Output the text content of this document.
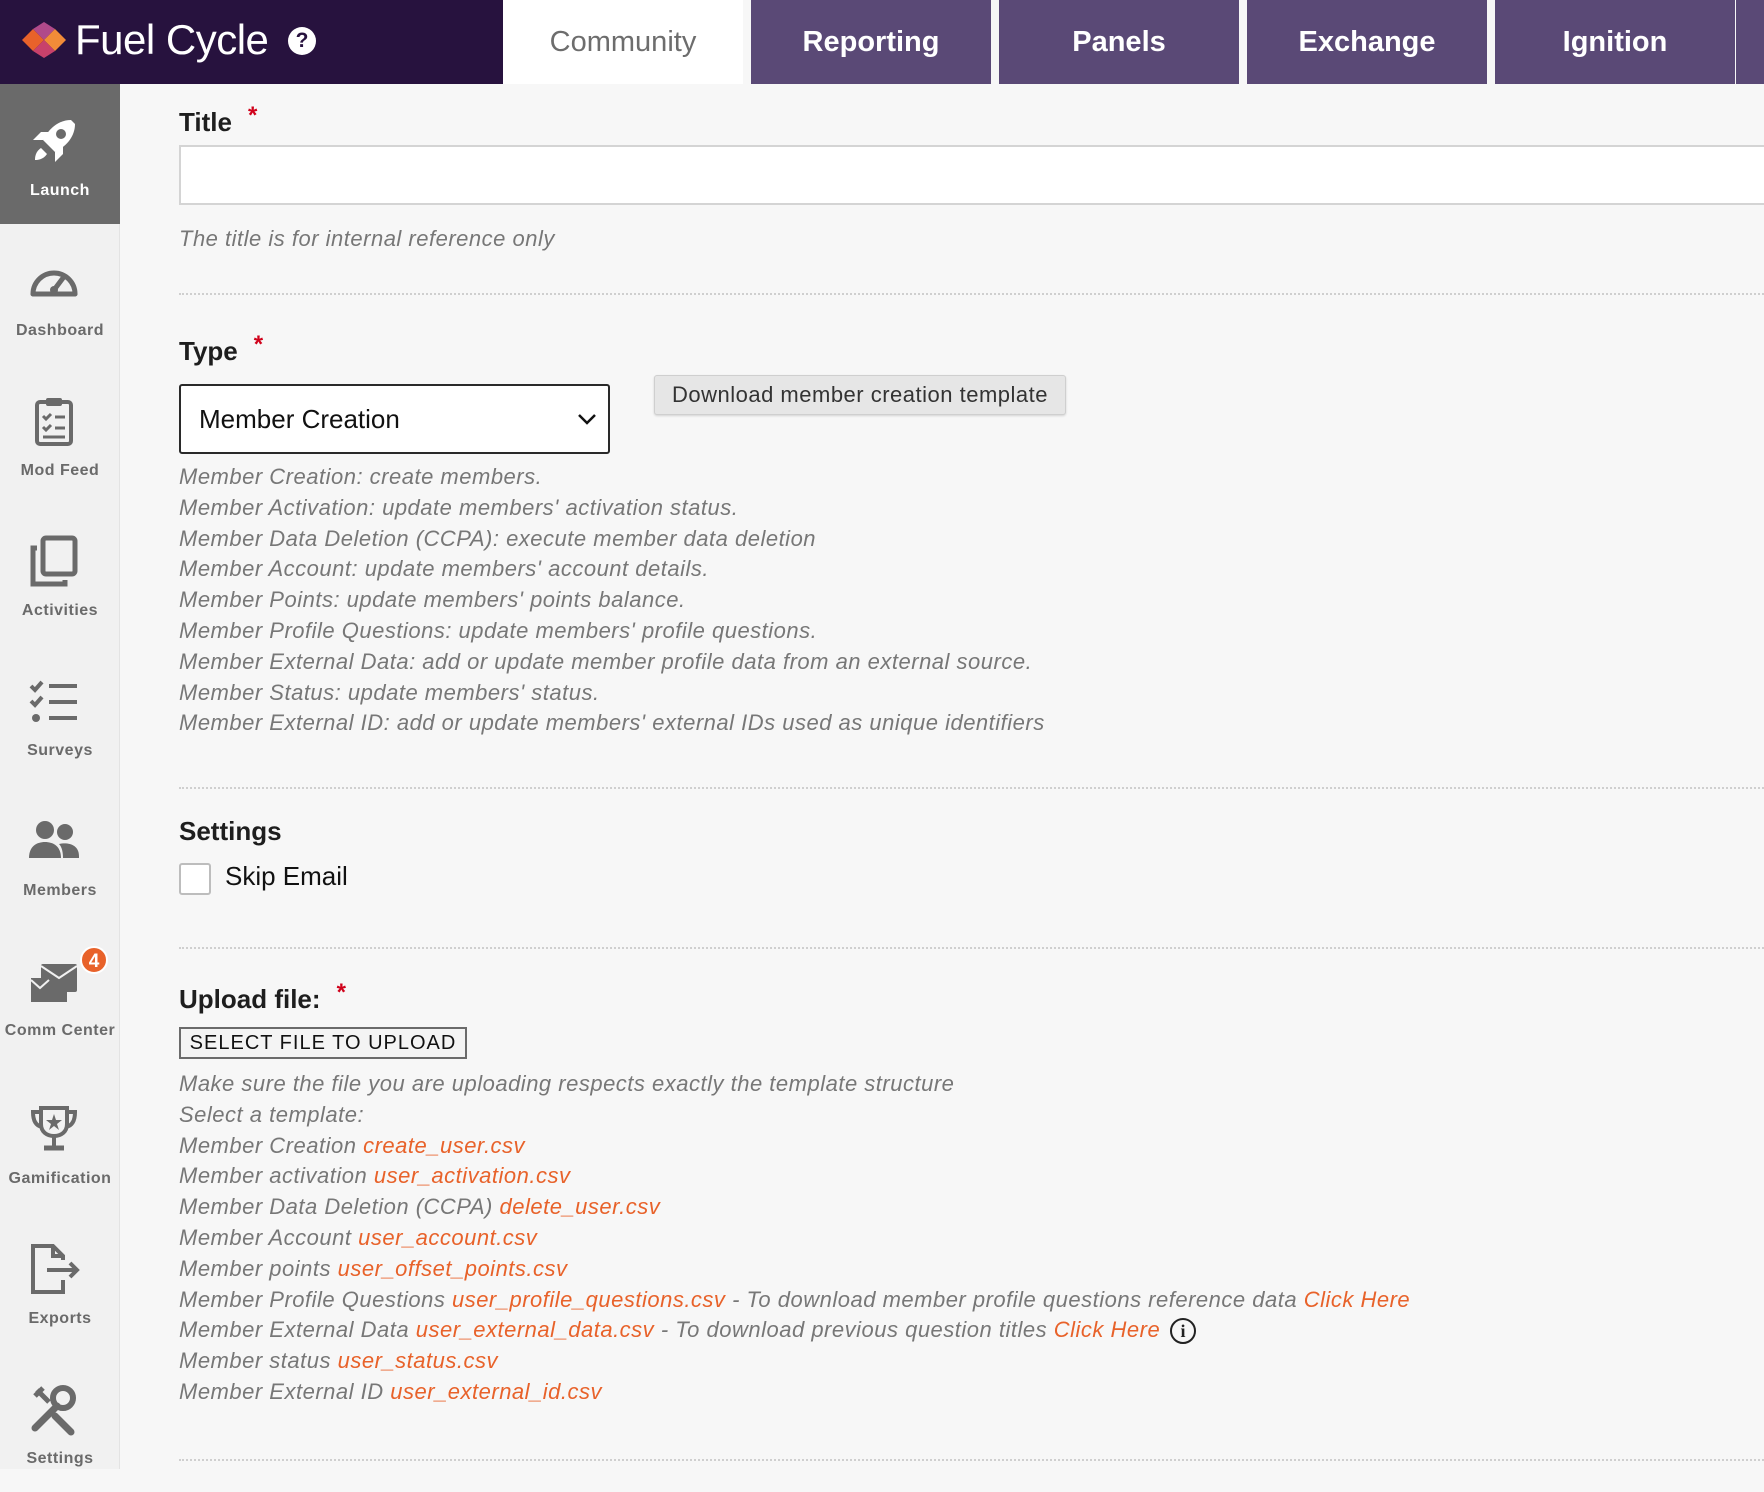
Fuel Cycle	?	Community	Reporting	Panels	Exchange	Ignition
Launch
Dashboard
Mod Feed
Activities
Surveys
Members
4
Comm Center
Gamification
Exports
Settings
Title *
The title is for internal reference only
Type *
Member Creation
Download member creation template
Member Creation: create members.
Member Activation: update members' activation status.
Member Data Deletion (CCPA): execute member data deletion
Member Account: update members' account details.
Member Points: update members' points balance.
Member Profile Questions: update members' profile questions.
Member External Data: add or update member profile data from an external source.
Member Status: update members' status.
Member External ID: add or update members' external IDs used as unique identifiers
Settings
Skip Email
Upload file: *
SELECT FILE TO UPLOAD
Make sure the file you are uploading respects exactly the template structure
Select a template:
Member Creation create_user.csv
Member activation user_activation.csv
Member Data Deletion (CCPA) delete_user.csv
Member Account user_account.csv
Member points user_offset_points.csv
Member Profile Questions user_profile_questions.csv - To download member profile questions reference data Click Here
Member External Data user_external_data.csv - To download previous question titles Click Here i
Member status user_status.csv
Member External ID user_external_id.csv
